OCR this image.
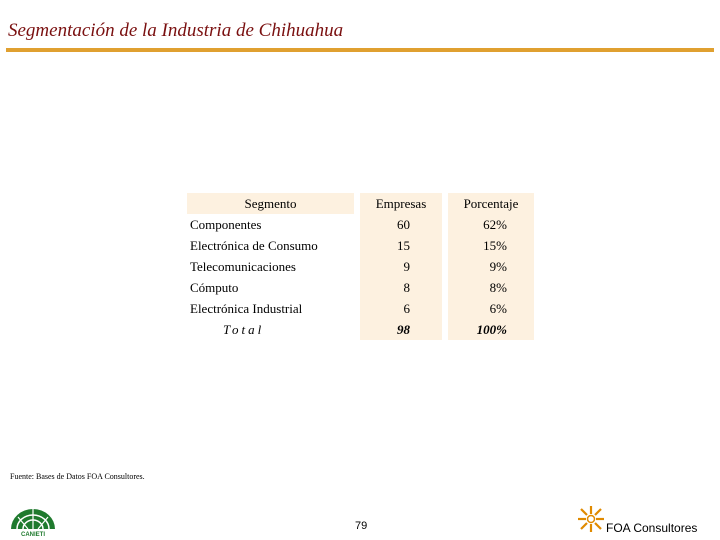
Segmentación de la Industria de Chihuahua
Segmento		Empresas		Porcentaje
Componentes		60		62%
Electrónica de Consumo		15		15%
Telecomunicaciones		9		9%
Cómputo		8		8%
Electrónica Industrial		6		6%
Total		98		100%
Fuente: Bases de Datos FOA Consultores.
CANIETI
79	FOA Consultores
